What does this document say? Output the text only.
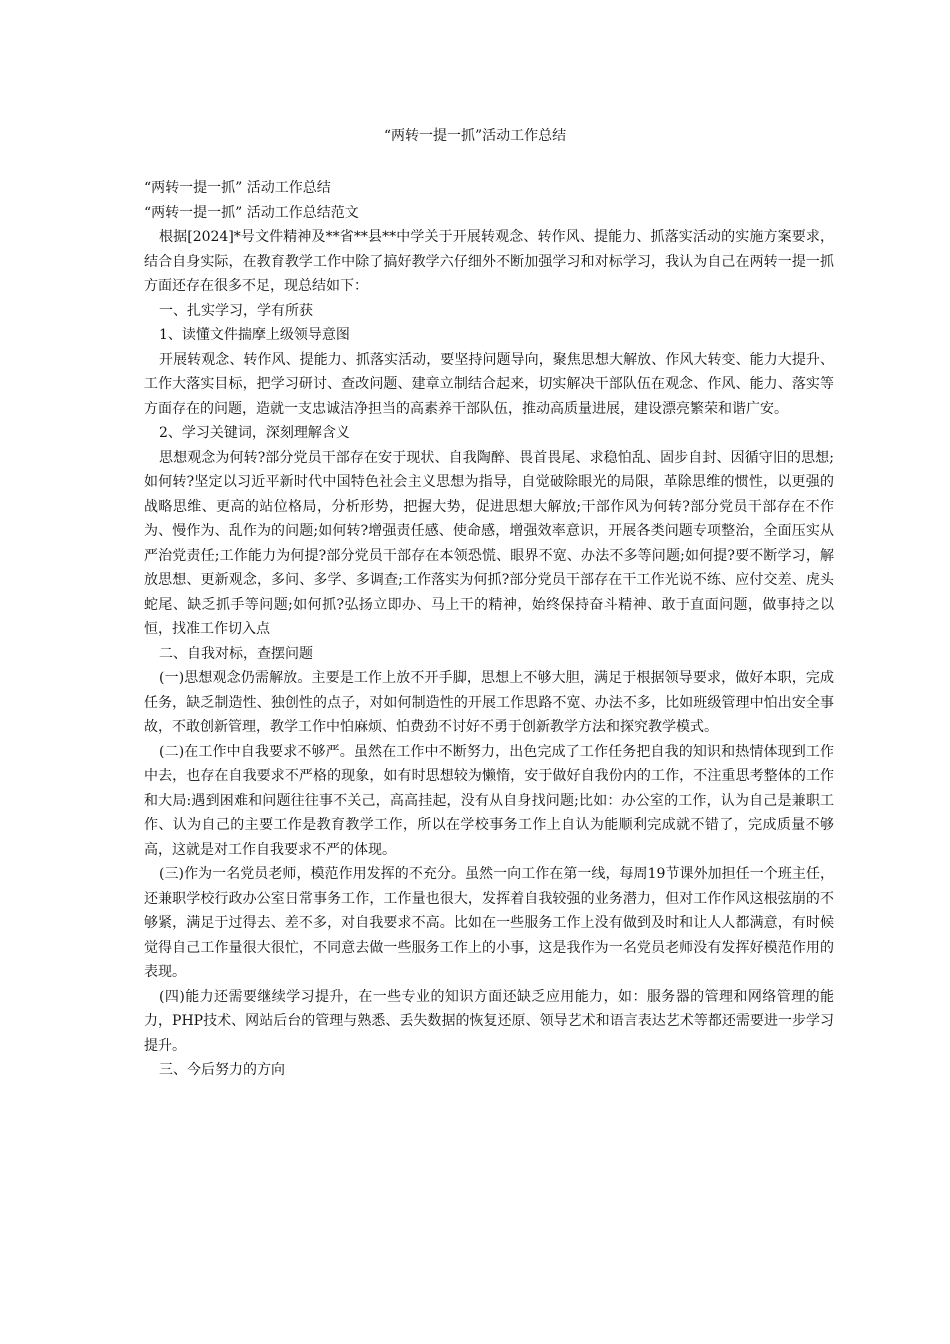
“两转一提一抓”活动工作总结

“两转一提一抓” 活动工作总结

“两转一提一抓” 活动工作总结范文

根据[2024]*号文件精神及**省**县**中学关于开展转观念、转作风、提能力、抓落实活动的实施方案要求，结合自身实际，在教育教学工作中除了搞好教学六仔细外不断加强学习和对标学习，我认为自己在两转一提一抓方面还存在很多不足，现总结如下：

一、扎实学习，学有所获

1、读懂文件揣摩上级领导意图

开展转观念、转作风、提能力、抓落实活动，要坚持问题导向，聚焦思想大解放、作风大转变、能力大提升、工作大落实目标，把学习研讨、查改问题、建章立制结合起来，切实解决干部队伍在观念、作风、能力、落实等方面存在的问题，造就一支忠诚洁净担当的高素养干部队伍，推动高质量进展，建设漂亮繁荣和谐广安。

2、学习关键词，深刻理解含义

思想观念为何转?部分党员干部存在安于现状、自我陶醉、畏首畏尾、求稳怕乱、固步自封、因循守旧的思想;如何转?坚定以习近平新时代中国特色社会主义思想为指导，自觉破除眼光的局限，革除思维的惯性，以更强的战略思维、更高的站位格局，分析形势，把握大势，促进思想大解放;干部作风为何转?部分党员干部存在不作为、慢作为、乱作为的问题;如何转?增强责任感、使命感，增强效率意识，开展各类问题专项整治，全面压实从严治党责任;工作能力为何提?部分党员干部存在本领恐慌、眼界不宽、办法不多等问题;如何提?要不断学习，解放思想、更新观念，多问、多学、多调查;工作落实为何抓?部分党员干部存在干工作光说不练、应付交差、虎头蛇尾、缺乏抓手等问题;如何抓?弘扬立即办、马上干的精神，始终保持奋斗精神、敢于直面问题，做事持之以恒，找准工作切入点

二、自我对标，查摆问题

(一)思想观念仍需解放。主要是工作上放不开手脚，思想上不够大胆，满足于根据领导要求，做好本职，完成任务，缺乏制造性、独创性的点子，对如何制造性的开展工作思路不宽、办法不多，比如班级管理中怕出安全事故，不敢创新管理，教学工作中怕麻烦、怕费劲不讨好不勇于创新教学方法和探究教学模式。

(二)在工作中自我要求不够严。虽然在工作中不断努力，出色完成了工作任务把自我的知识和热情体现到工作中去，也存在自我要求不严格的现象，如有时思想较为懒惰，安于做好自我份内的工作，不注重思考整体的工作和大局:遇到困难和问题往往事不关己，高高挂起，没有从自身找问题;比如：办公室的工作，认为自己是兼职工作、认为自己的主要工作是教育教学工作，所以在学校事务工作上自认为能顺利完成就不错了，完成质量不够高，这就是对工作自我要求不严的体现。

(三)作为一名党员老师，模范作用发挥的不充分。虽然一向工作在第一线，每周19节课外加担任一个班主任，还兼职学校行政办公室日常事务工作，工作量也很大，发挥着自我较强的业务潜力，但对工作作风这根弦崩的不够紧，满足于过得去、差不多，对自我要求不高。比如在一些服务工作上没有做到及时和让人人都满意，有时候觉得自己工作量很大很忙，不同意去做一些服务工作上的小事，这是我作为一名党员老师没有发挥好模范作用的表现。

(四)能力还需要继续学习提升，在一些专业的知识方面还缺乏应用能力，如：服务器的管理和网络管理的能力，PHP技术、网站后台的管理与熟悉、丢失数据的恢复还原、领导艺术和语言表达艺术等都还需要进一步学习提升。

三、今后努力的方向
